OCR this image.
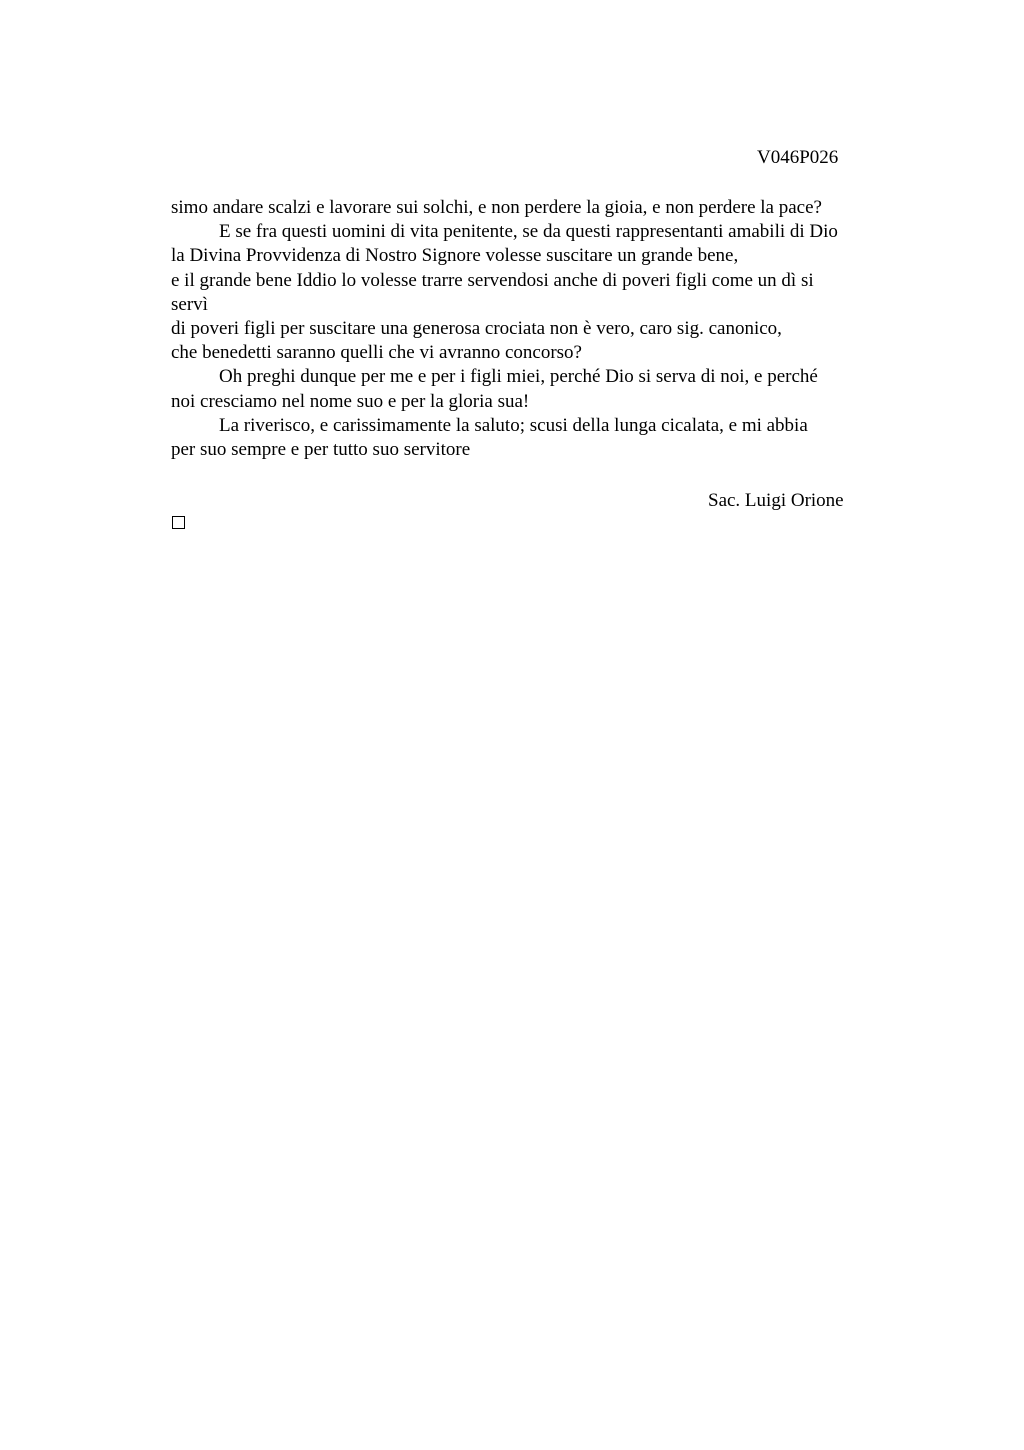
V046P026
simo andare scalzi e lavorare sui solchi, e non perdere la gioia, e non perdere la pace?
E se fra questi uomini di vita penitente, se da questi rappresentanti amabili di Dio
la Divina Provvidenza di Nostro Signore volesse suscitare un grande bene,
e il grande bene Iddio lo volesse trarre servendosi anche di poveri figli come un dì si
servì
di poveri figli per suscitare una generosa crociata non è vero, caro sig. canonico,
che benedetti saranno quelli che vi avranno concorso?
Oh preghi dunque per me e per i figli miei, perché Dio si serva di noi, e perché
noi cresciamo nel nome suo e per la gloria sua!
La riverisco, e carissimamente la saluto; scusi della lunga cicalata, e mi abbia
per suo sempre e per tutto suo servitore
Sac. Luigi Orione
